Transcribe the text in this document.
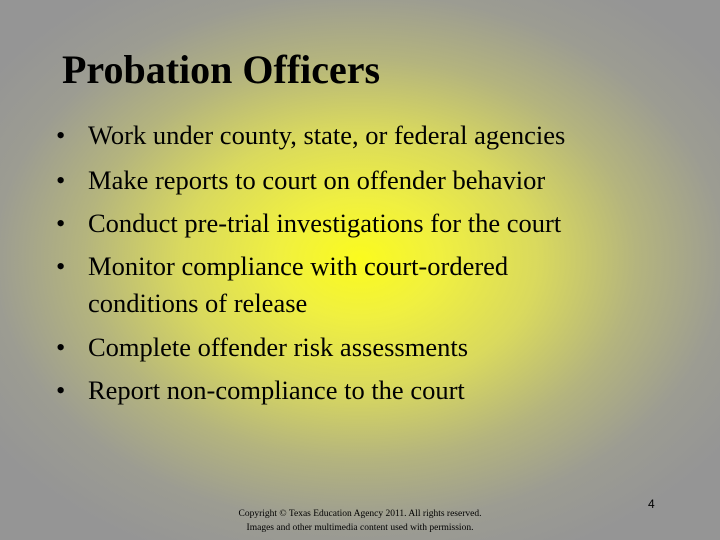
Probation Officers
• Work under county, state, or federal agencies
• Make reports to court on offender behavior
• Conduct pre-trial investigations for the court
• Monitor compliance with court-ordered
conditions of release
• Complete offender risk assessments
• Report non-compliance to the court
Copyright © Texas Education Agency 2011. All rights reserved.
Images and other multimedia content used with permission.
4
